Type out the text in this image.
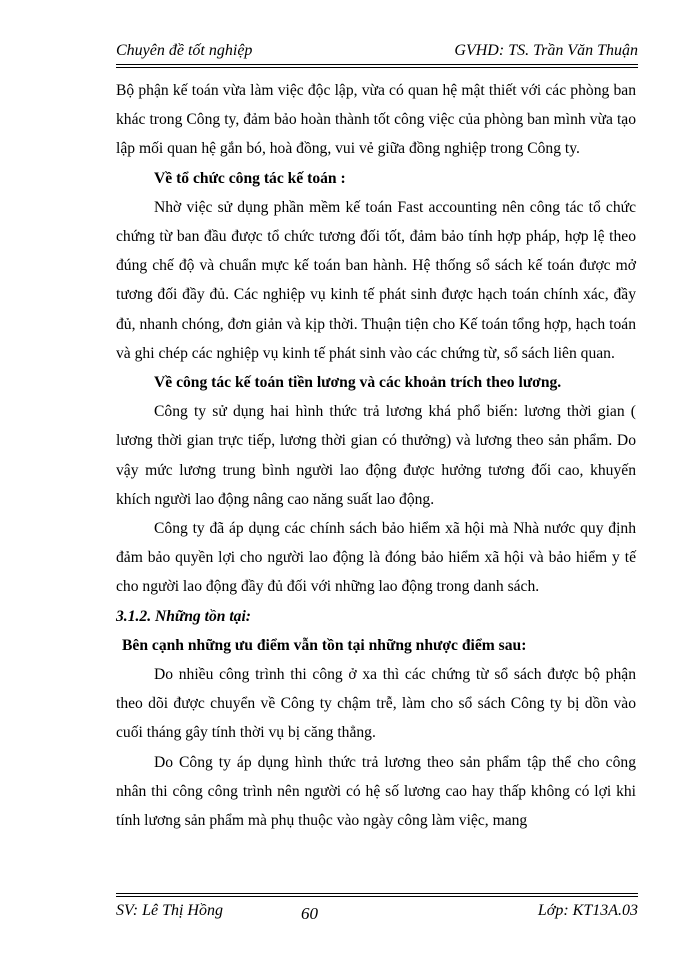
Chuyên đề tốt nghiệp	GVHD: TS. Trần Văn Thuận

Bộ phận kế toán vừa làm việc độc lập, vừa có quan hệ mật thiết với các phòng ban khác trong Công ty, đảm bảo hoàn thành tốt công việc của phòng ban mình vừa tạo lập mối quan hệ gắn bó, hoà đồng, vui vẻ giữa đồng nghiệp trong Công ty.

Về tổ chức công tác kế toán :

Nhờ việc sử dụng phần mềm kế toán Fast accounting nên công tác tổ chức chứng từ ban đầu được tổ chức tương đối tốt, đảm bảo tính hợp pháp, hợp lệ theo đúng chế độ và chuẩn mực kế toán ban hành. Hệ thống sổ sách kế toán được mở tương đối đầy đủ. Các nghiệp vụ kinh tế phát sinh được hạch toán chính xác, đầy đủ, nhanh chóng, đơn giản và kịp thời. Thuận tiện cho Kế toán tổng hợp, hạch toán và ghi chép các nghiệp vụ kinh tế phát sinh vào các chứng từ, sổ sách liên quan.

Về công tác kế toán tiền lương và các khoản trích theo lương.

Công ty sử dụng hai hình thức trả lương khá phổ biến: lương thời gian ( lương thời gian trực tiếp, lương thời gian có thưởng) và lương theo sản phẩm. Do vậy mức lương trung bình người lao động được hưởng tương đối cao, khuyến khích người lao động nâng cao năng suất lao động.

Công ty đã áp dụng các chính sách bảo hiểm xã hội mà Nhà nước quy định đảm bảo quyền lợi cho người lao động là đóng bảo hiểm xã hội và bảo hiểm y tế cho người lao động đầy đủ đối với những lao động trong danh sách.

3.1.2. Những tồn tại:

Bên cạnh những ưu điểm vẫn tồn tại những nhược điểm sau:

Do nhiều công trình thi công ở xa thì các chứng từ sổ sách được bộ phận theo dõi được chuyển về Công ty chậm trễ, làm cho sổ sách Công ty bị dồn vào cuối tháng gây tính thời vụ bị căng thẳng.

Do Công ty áp dụng hình thức trả lương theo sản phẩm tập thể cho công nhân thi công công trình nên người có hệ số lương cao hay thấp không có lợi khi tính lương sản phẩm mà phụ thuộc vào ngày công làm việc, mang

SV: Lê Thị Hồng	60	Lớp: KT13A.03
